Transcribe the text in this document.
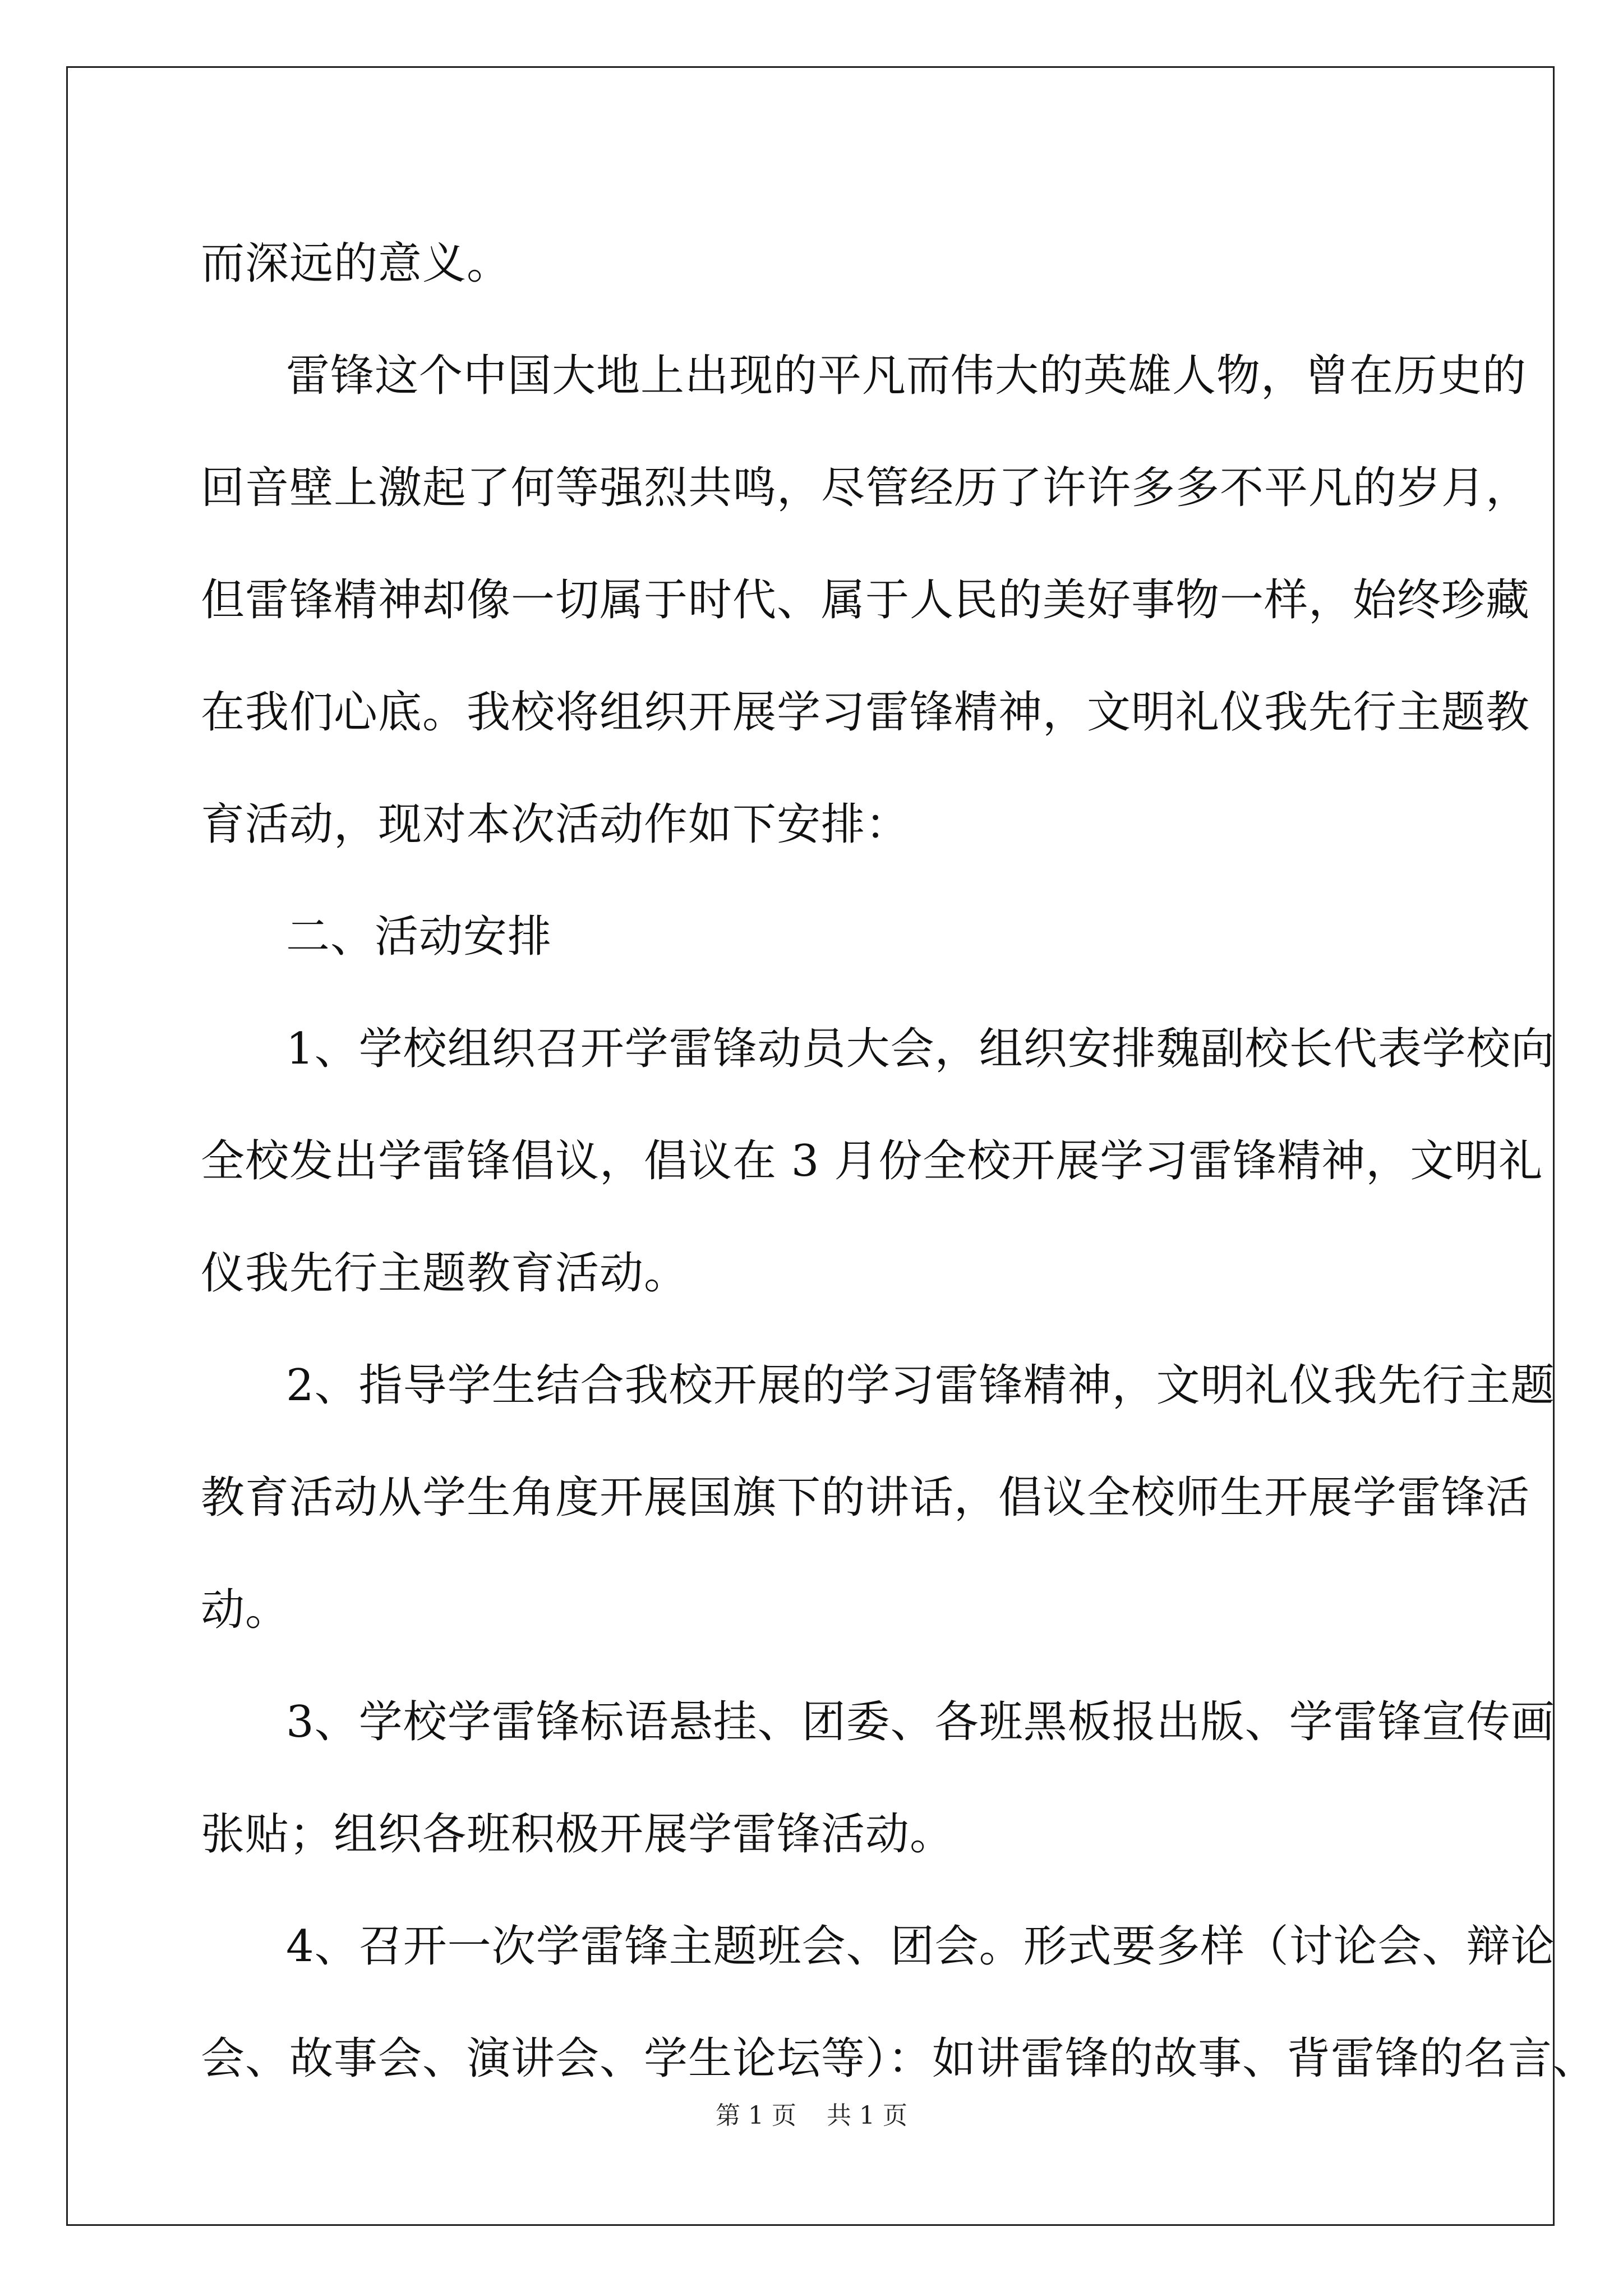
而深远的意义。
雷锋这个中国大地上出现的平凡而伟大的英雄人物，曾在历史的
回音壁上激起了何等强烈共鸣，尽管经历了许许多多不平凡的岁月，
但雷锋精神却像一切属于时代、属于人民的美好事物一样，始终珍藏
在我们心底。我校将组织开展学习雷锋精神，文明礼仪我先行主题教
育活动，现对本次活动作如下安排：
二、活动安排
1、学校组织召开学雷锋动员大会，组织安排魏副校长代表学校向
全校发出学雷锋倡议，倡议在 3 月份全校开展学习雷锋精神，文明礼
仪我先行主题教育活动。
2、指导学生结合我校开展的学习雷锋精神，文明礼仪我先行主题
教育活动从学生角度开展国旗下的讲话，倡议全校师生开展学雷锋活
动。
3、学校学雷锋标语悬挂、团委、各班黑板报出版、学雷锋宣传画
张贴；组织各班积极开展学雷锋活动。
4、召开一次学雷锋主题班会、团会。形式要多样（讨论会、辩论
会、故事会、演讲会、学生论坛等）：如讲雷锋的故事、背雷锋的名言、
第 1 页 共 1 页
